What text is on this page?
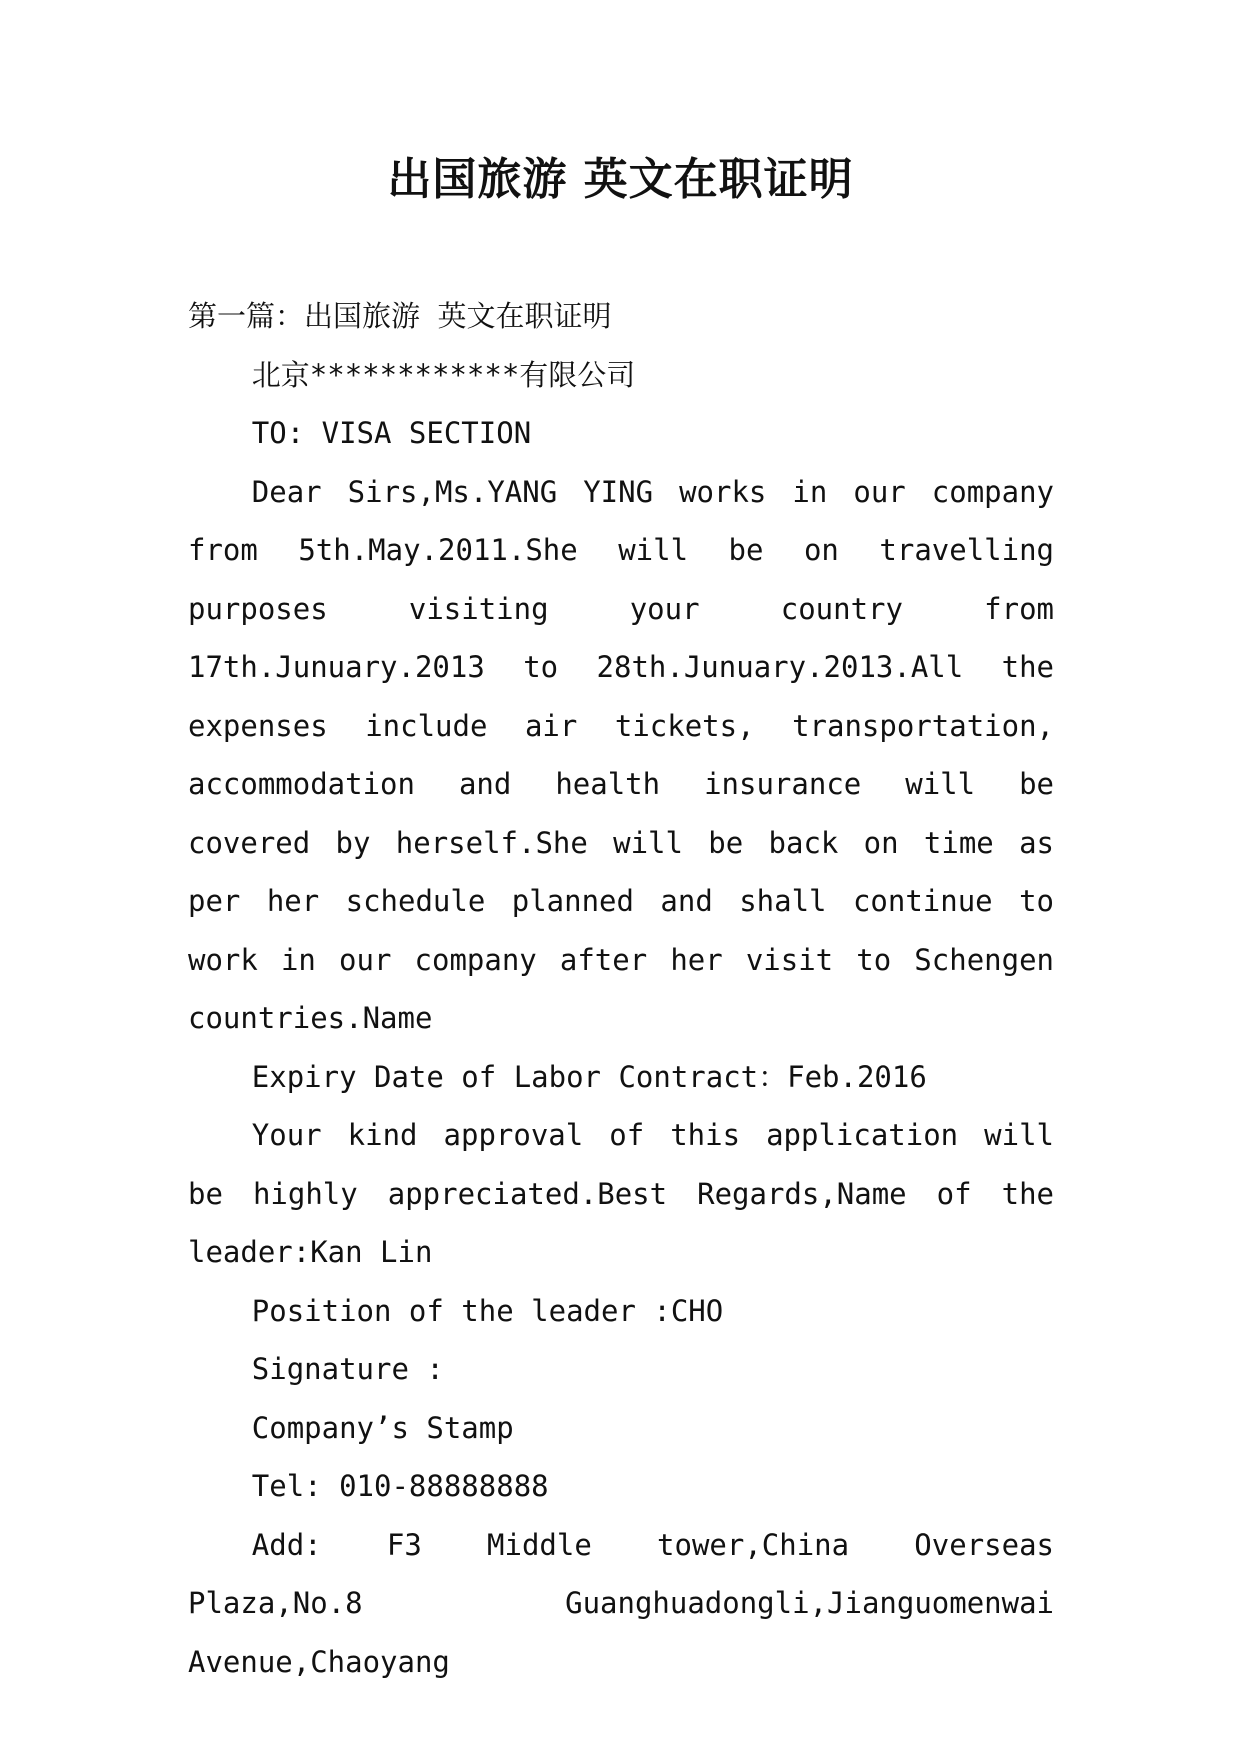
出国旅游 英文在职证明

第一篇：出国旅游 英文在职证明

北京************有限公司

TO: VISA SECTION

Dear Sirs,Ms.YANG YING works in our company from 5th.May.2011.She will be on travelling purposes visiting your country from 17th.Junuary.2013 to 28th.Junuary.2013.All the expenses include air tickets, transportation, accommodation and health insurance will be covered by herself.She will be back on time as per her schedule planned and shall continue to work in our company after her visit to Schengen countries.Name

Expiry Date of Labor Contract：Feb.2016

Your kind approval of this application will be highly appreciated.Best Regards,Name of the leader:Kan Lin

Position of the leader :CHO

Signature :

Company’s Stamp

Tel: 010-88888888

Add: F3 Middle tower,China Overseas Plaza,No.8 Guanghuadongli,Jianguomenwai Avenue,Chaoyang
